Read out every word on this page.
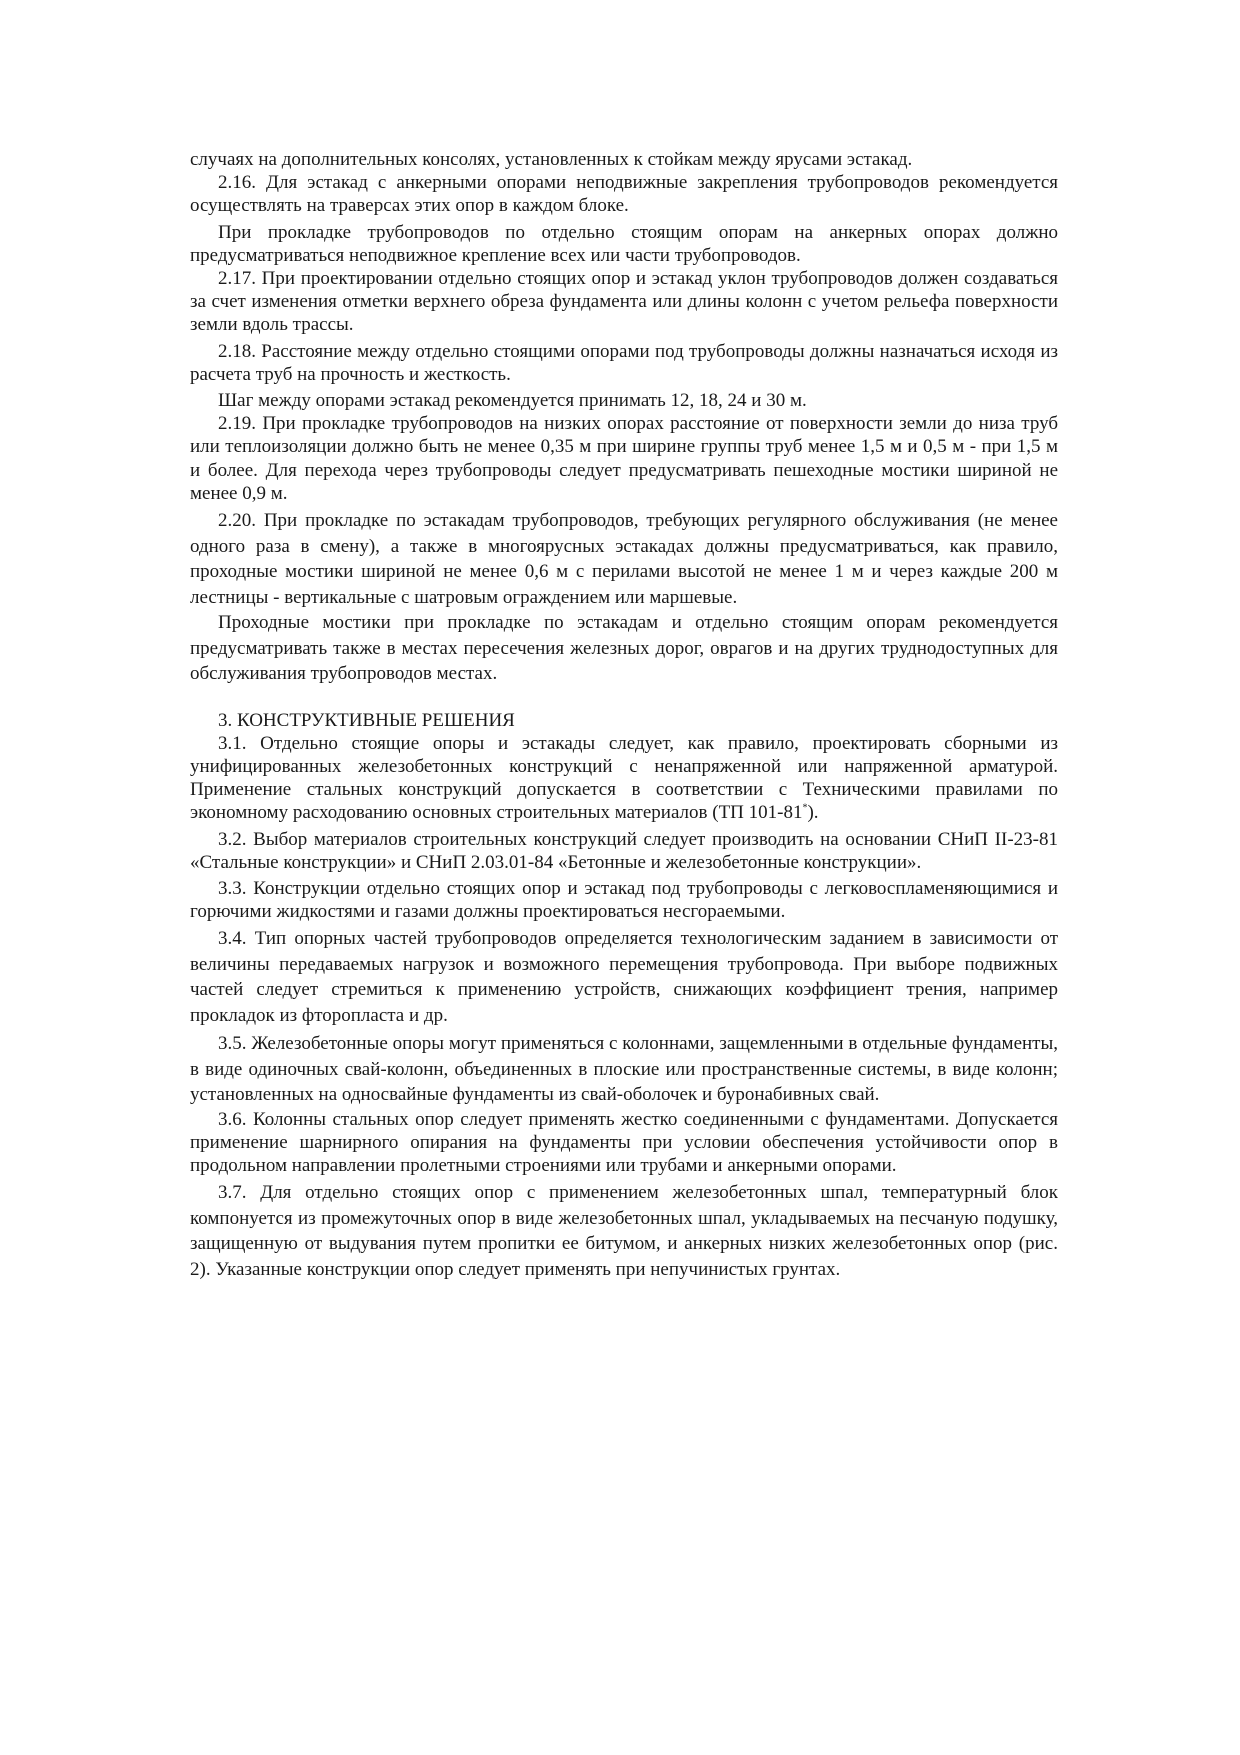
случаях на дополнительных консолях, установленных к стойкам между ярусами эстакад.

2.16. Для эстакад с анкерными опорами неподвижные закрепления трубопроводов рекомендуется осуществлять на траверсах этих опор в каждом блоке.

При прокладке трубопроводов по отдельно стоящим опорам на анкерных опорах должно предусматриваться неподвижное крепление всех или части трубопроводов.

2.17. При проектировании отдельно стоящих опор и эстакад уклон трубопроводов должен создаваться за счет изменения отметки верхнего обреза фундамента или длины колонн с учетом рельефа поверхности земли вдоль трассы.

2.18. Расстояние между отдельно стоящими опорами под трубопроводы должны назначаться исходя из расчета труб на прочность и жесткость.

Шаг между опорами эстакад рекомендуется принимать 12, 18, 24 и 30 м.

2.19. При прокладке трубопроводов на низких опорах расстояние от поверхности земли до низа труб или теплоизоляции должно быть не менее 0,35 м при ширине группы труб менее 1,5 м и 0,5 м - при 1,5 м и более. Для перехода через трубопроводы следует предусматривать пешеходные мостики шириной не менее 0,9 м.

2.20. При прокладке по эстакадам трубопроводов, требующих регулярного обслуживания (не менее одного раза в смену), а также в многоярусных эстакадах должны предусматриваться, как правило, проходные мостики шириной не менее 0,6 м с перилами высотой не менее 1 м и через каждые 200 м лестницы - вертикальные с шатровым ограждением или маршевые.

Проходные мостики при прокладке по эстакадам и отдельно стоящим опорам рекомендуется предусматривать также в местах пересечения железных дорог, оврагов и на других труднодоступных для обслуживания трубопроводов местах.

3. КОНСТРУКТИВНЫЕ РЕШЕНИЯ

3.1. Отдельно стоящие опоры и эстакады следует, как правило, проектировать сборными из унифицированных железобетонных конструкций с ненапряженной или напряженной арматурой. Применение стальных конструкций допускается в соответствии с Техническими правилами по экономному расходованию основных строительных материалов (ТП 101-81*).

3.2. Выбор материалов строительных конструкций следует производить на основании СНиП II-23-81 «Стальные конструкции» и СНиП 2.03.01-84 «Бетонные и железобетонные конструкции».

3.3. Конструкции отдельно стоящих опор и эстакад под трубопроводы с легковоспламеняющимися и горючими жидкостями и газами должны проектироваться несгораемыми.

3.4. Тип опорных частей трубопроводов определяется технологическим заданием в зависимости от величины передаваемых нагрузок и возможного перемещения трубопровода. При выборе подвижных частей следует стремиться к применению устройств, снижающих коэффициент трения, например прокладок из фторопласта и др.

3.5. Железобетонные опоры могут применяться с колоннами, защемленными в отдельные фундаменты, в виде одиночных свай-колонн, объединенных в плоские или пространственные системы, в виде колонн; установленных на односвайные фундаменты из свай-оболочек и буронабивных свай.

3.6. Колонны стальных опор следует применять жестко соединенными с фундаментами. Допускается применение шарнирного опирания на фундаменты при условии обеспечения устойчивости опор в продольном направлении пролетными строениями или трубами и анкерными опорами.

3.7. Для отдельно стоящих опор с применением железобетонных шпал, температурный блок компонуется из промежуточных опор в виде железобетонных шпал, укладываемых на песчаную подушку, защищенную от выдувания путем пропитки ее битумом, и анкерных низких железобетонных опор (рис. 2). Указанные конструкции опор следует применять при непучинистых грунтах.
